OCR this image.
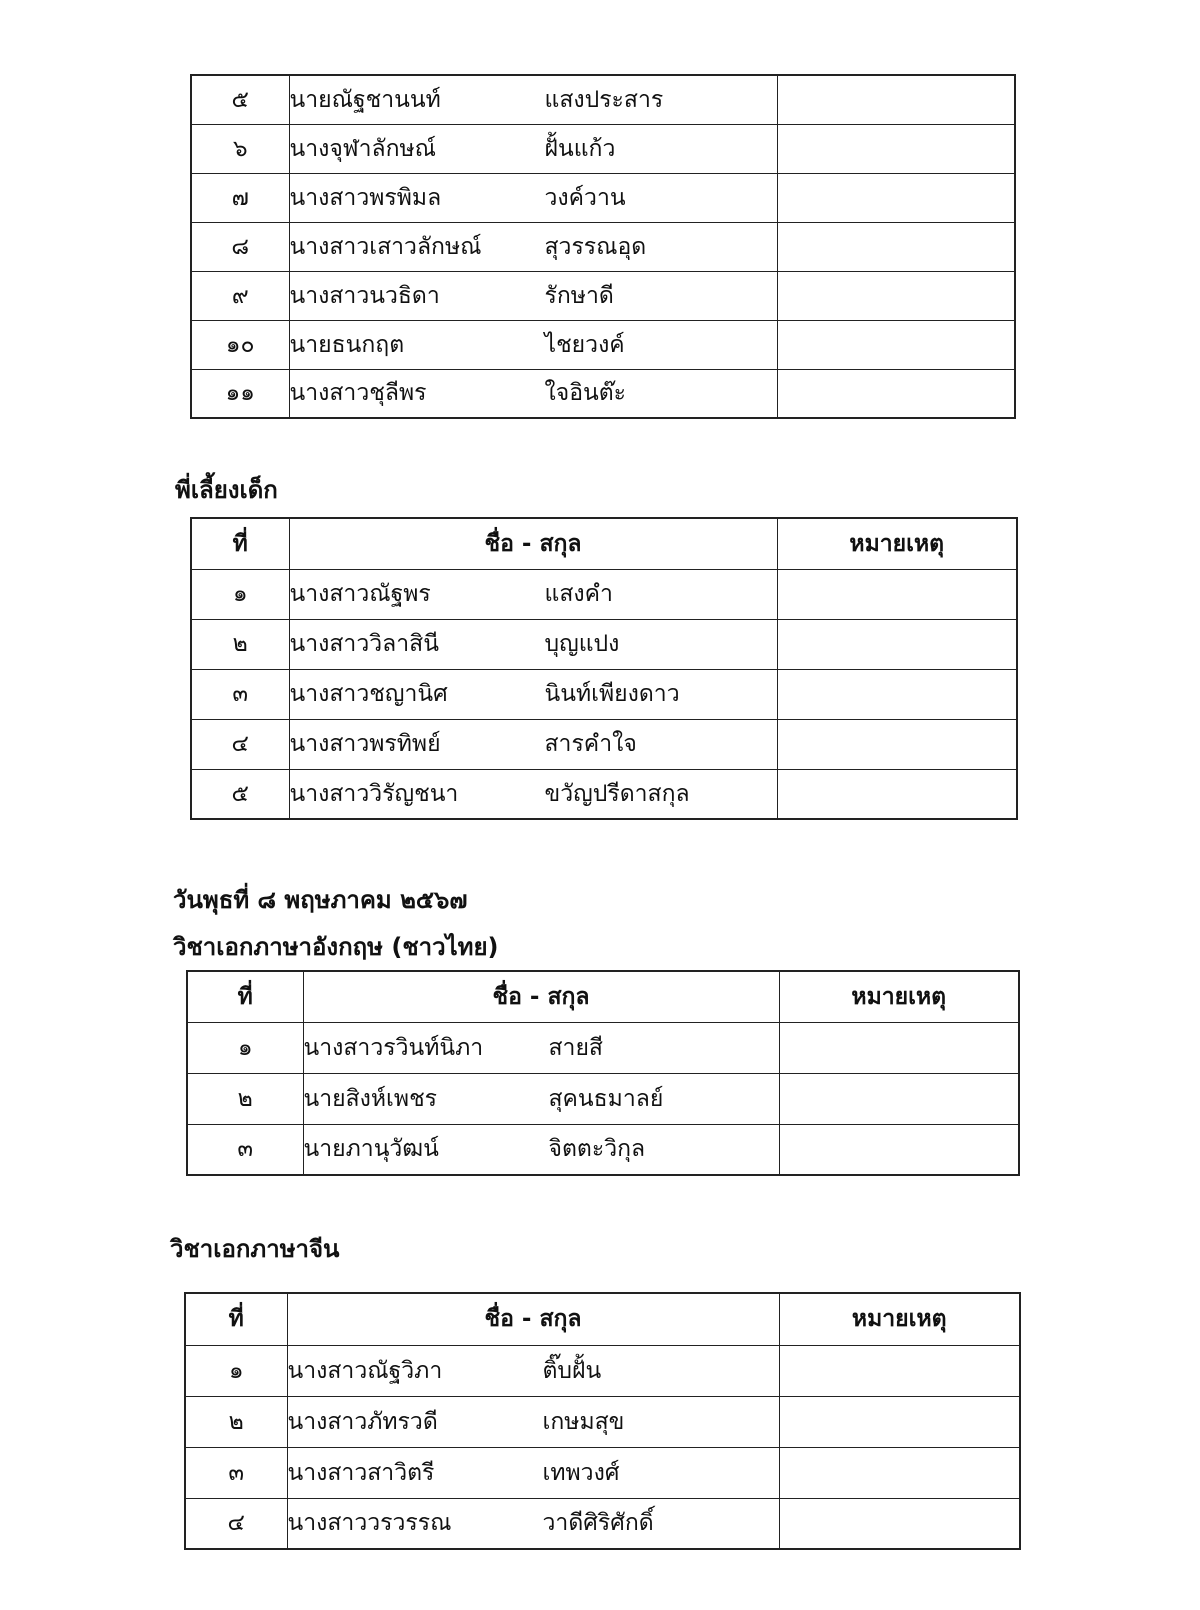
๕	นายณัฐชานนท์ แสงประสาร	
๖	นางจุฬาลักษณ์ ฝั้นแก้ว	
๗	นางสาวพรพิมล วงค์วาน	
๘	นางสาวเสาวลักษณ์ สุวรรณอุด	
๙	นางสาวนวธิดา รักษาดี	
๑๐	นายธนกฤต ไชยวงค์	
๑๑	นางสาวชุลีพร ใจอินต๊ะ	
พี่เลี้ยงเด็ก
ที่	ชื่อ - สกุล	หมายเหตุ
๑	นางสาวณัฐพร แสงคำ	
๒	นางสาววิลาสินี บุญแปง	
๓	นางสาวชญานิศ นินท์เพียงดาว	
๔	นางสาวพรทิพย์ สารคำใจ	
๕	นางสาววิรัญชนา ขวัญปรีดาสกุล	
วันพุธที่ ๘ พฤษภาคม ๒๕๖๗
วิชาเอกภาษาอังกฤษ (ชาวไทย)
ที่	ชื่อ - สกุล	หมายเหตุ
๑	นางสาวรวินท์นิภา สายสี	
๒	นายสิงห์เพชร สุคนธมาลย์	
๓	นายภานุวัฒน์ จิตตะวิกุล	
วิชาเอกภาษาจีน
ที่	ชื่อ - สกุล	หมายเหตุ
๑	นางสาวณัฐวิภา ติ๊บฝั้น	
๒	นางสาวภัทรวดี เกษมสุข	
๓	นางสาวสาวิตรี เทพวงศ์	
๔	นางสาววรวรรณ วาดีศิริศักดิ์	
